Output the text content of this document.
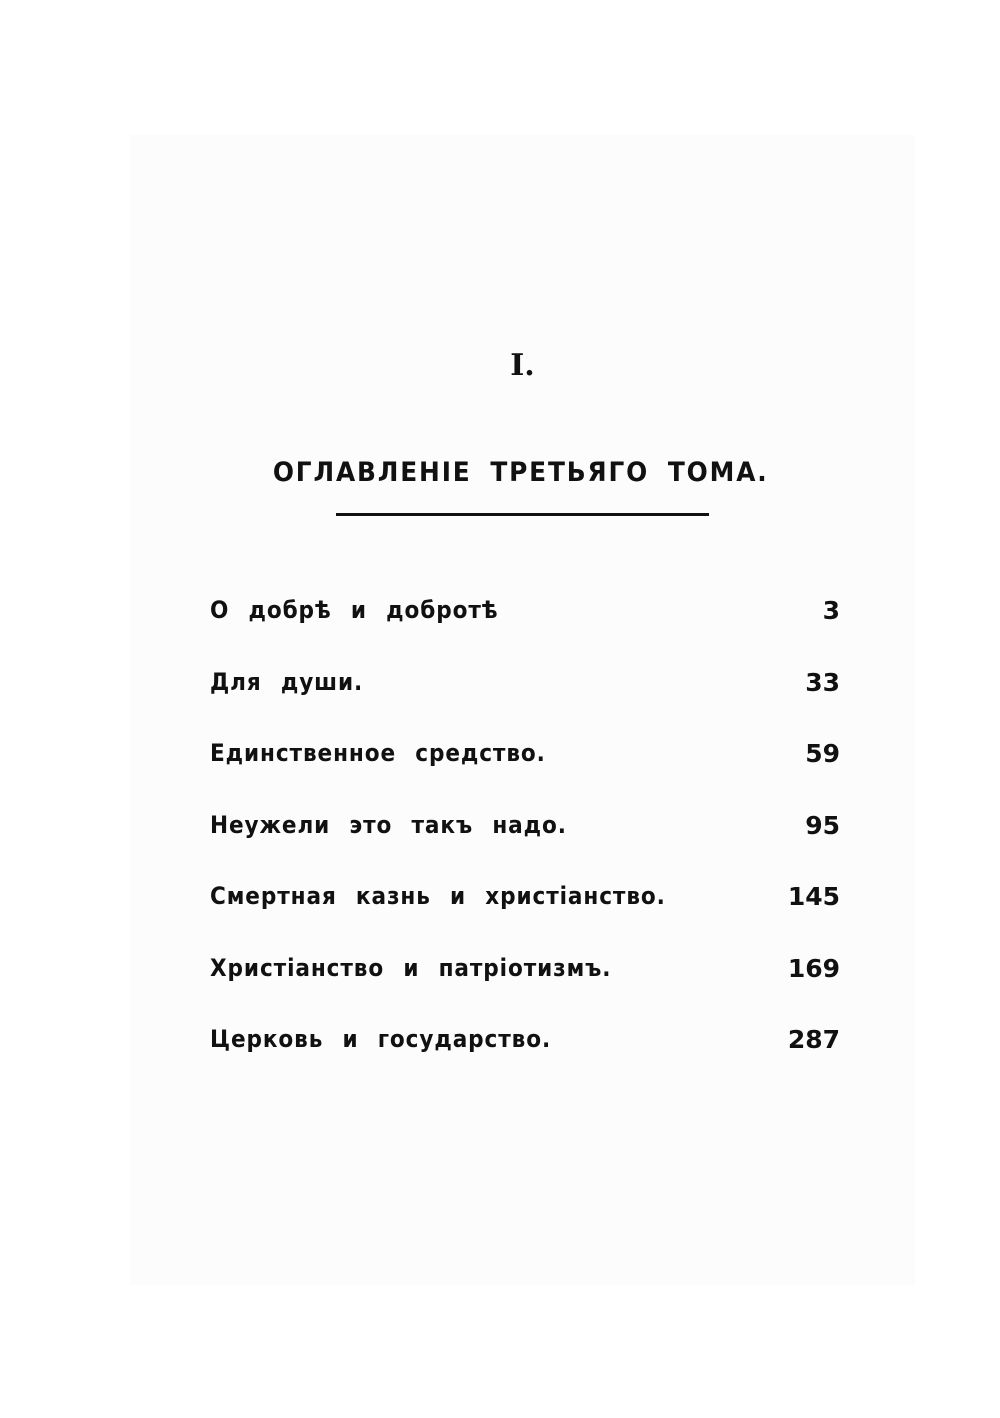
I.
ОГЛАВЛЕНIЕ ТРЕТЬЯГО ТОМА.
О добрѣ и добротѣ	3
Для души.	33
Единственное средство.	59
Неужели это такъ надо.	95
Смертная казнь и христiанство.	145
Христiанство и патрiотизмъ.	169
Церковь и государство.	287
